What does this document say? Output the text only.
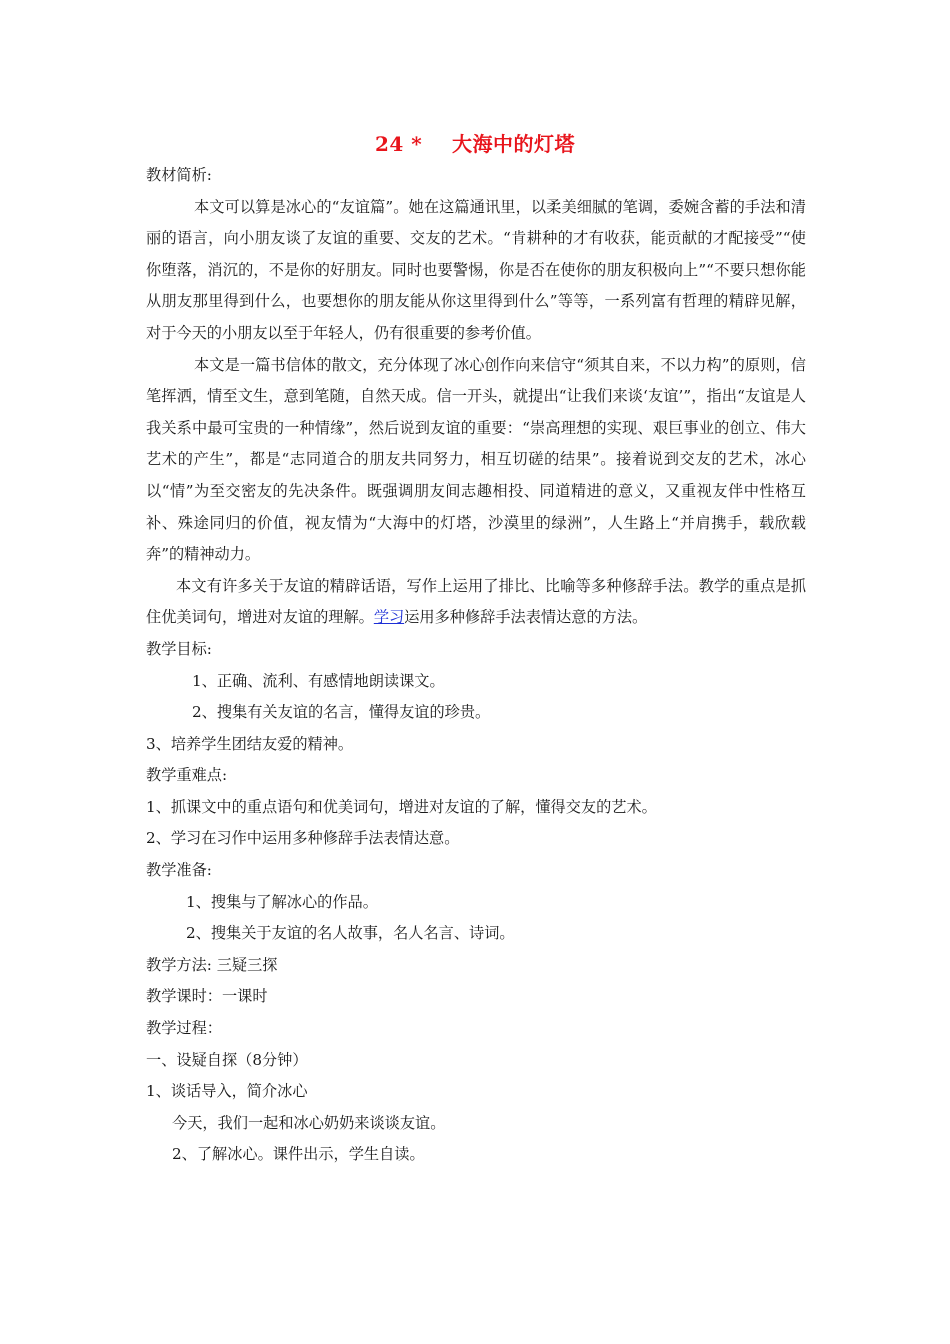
24 *    大海中的灯塔

教材简析:

本文可以算是冰心的“友谊篇”。她在这篇通讯里，以柔美细腻的笔调，委婉含蓄的手法和清丽的语言，向小朋友谈了友谊的重要、交友的艺术。“肯耕种的才有收获，能贡献的才配接受”“使你堕落，消沉的，不是你的好朋友。同时也要警惕，你是否在使你的朋友积极向上”“不要只想你能从朋友那里得到什么，也要想你的朋友能从你这里得到什么”等等，一系列富有哲理的精辟见解，对于今天的小朋友以至于年轻人，仍有很重要的参考价值。

本文是一篇书信体的散文，充分体现了冰心创作向来信守“须其自来，不以力构”的原则，信笔挥洒，情至文生，意到笔随，自然天成。信一开头，就提出“让我们来谈‘友谊’”，指出“友谊是人我关系中最可宝贵的一种情缘”，然后说到友谊的重要：“崇高理想的实现、艰巨事业的创立、伟大艺术的产生”，都是“志同道合的朋友共同努力，相互切磋的结果”。接着说到交友的艺术，冰心以“情”为至交密友的先决条件。既强调朋友间志趣相投、同道精进的意义，又重视友伴中性格互补、殊途同归的价值，视友情为“大海中的灯塔，沙漠里的绿洲”，人生路上“并肩携手，载欣载奔”的精神动力。

本文有许多关于友谊的精辟话语，写作上运用了排比、比喻等多种修辞手法。教学的重点是抓住优美词句，增进对友谊的理解。学习运用多种修辞手法表情达意的方法。

教学目标:

1、正确、流利、有感情地朗读课文。

2、搜集有关友谊的名言，懂得友谊的珍贵。

3、培养学生团结友爱的精神。

教学重难点:

1、抓课文中的重点语句和优美词句，增进对友谊的了解，懂得交友的艺术。

2、学习在习作中运用多种修辞手法表情达意。

教学准备:

1、搜集与了解冰心的作品。

2、搜集关于友谊的名人故事，名人名言、诗词。

教学方法: 三疑三探

教学课时：一课时

教学过程：

一、设疑自探（8分钟）

1、谈话导入，简介冰心

今天，我们一起和冰心奶奶来谈谈友谊。

2、了解冰心。课件出示，学生自读。
